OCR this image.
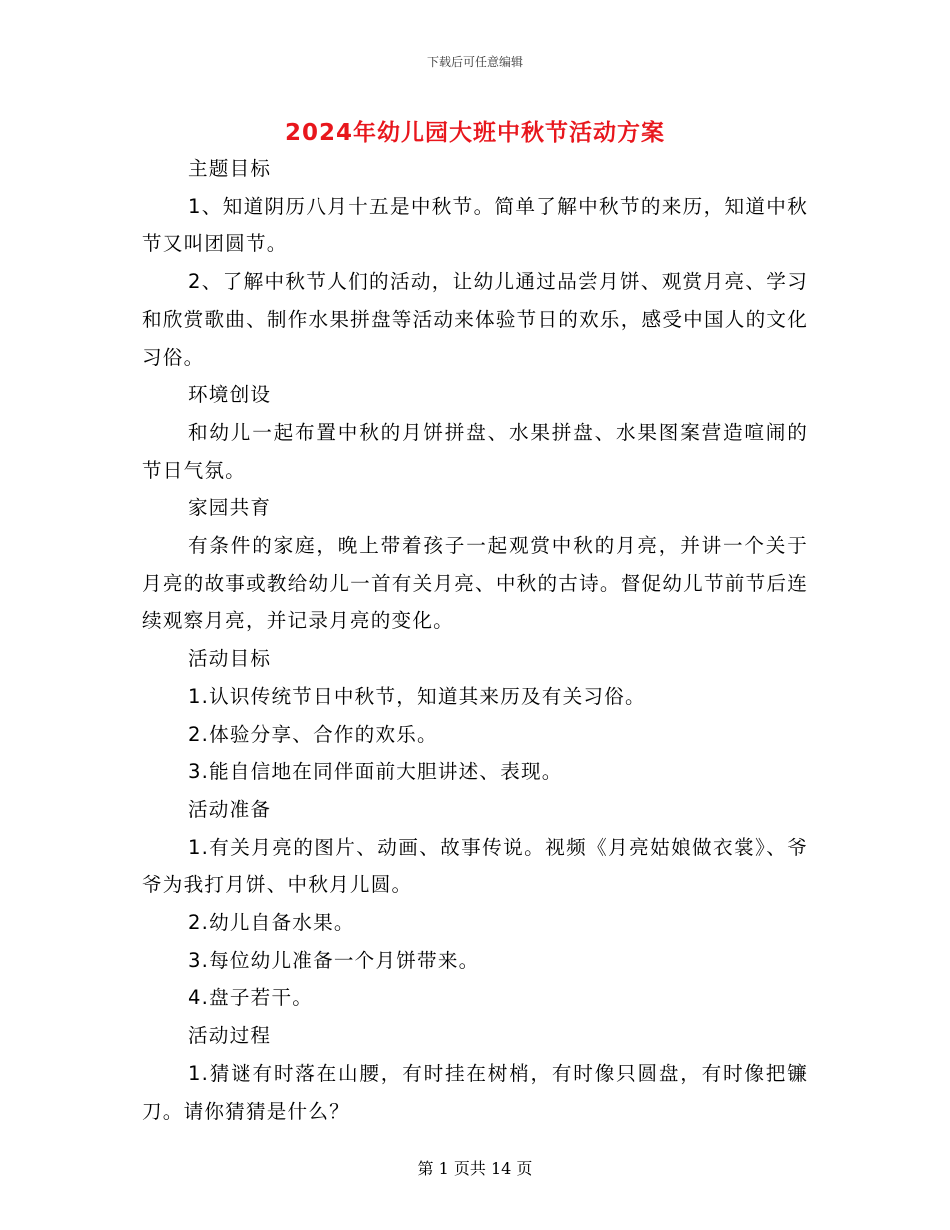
下载后可任意编辑
2024年幼儿园大班中秋节活动方案

主题目标

1、知道阴历八月十五是中秋节。简单了解中秋节的来历，知道中秋节又叫团圆节。

2、了解中秋节人们的活动，让幼儿通过品尝月饼、观赏月亮、学习和欣赏歌曲、制作水果拼盘等活动来体验节日的欢乐，感受中国人的文化习俗。

环境创设

和幼儿一起布置中秋的月饼拼盘、水果拼盘、水果图案营造喧闹的节日气氛。

家园共育

有条件的家庭，晚上带着孩子一起观赏中秋的月亮，并讲一个关于月亮的故事或教给幼儿一首有关月亮、中秋的古诗。督促幼儿节前节后连续观察月亮，并记录月亮的变化。

活动目标

1.认识传统节日中秋节，知道其来历及有关习俗。

2.体验分享、合作的欢乐。

3.能自信地在同伴面前大胆讲述、表现。

活动准备

1.有关月亮的图片、动画、故事传说。视频《月亮姑娘做衣裳》、爷爷为我打月饼、中秋月儿圆。

2.幼儿自备水果。

3.每位幼儿准备一个月饼带来。

4.盘子若干。

活动过程

1.猜谜有时落在山腰，有时挂在树梢，有时像只圆盘，有时像把镰刀。请你猜猜是什么？

第 1 页共 14 页
